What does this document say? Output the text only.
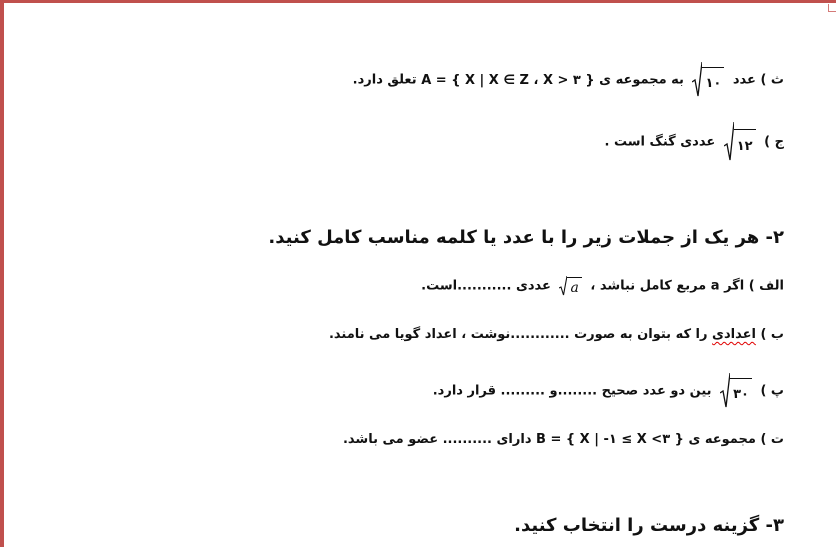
ث ) عدد
۱۰
به مجموعه ی A = { X | X ∈ Z ، X > ۳ } تعلق دارد.
ج )
۱۲
عددی گنگ است .
۲- هر یک از جملات زیر را با عدد یا کلمه مناسب کامل کنید.
الف ) اگر a مربع کامل نباشد ،
a
عددی ...........است.
ب ) اعدادی را که بتوان به صورت ............نوشت ، اعداد گویا می نامند.
پ )
۳۰
بین دو عدد صحیح ........و ......... قرار دارد.
ت ) مجموعه ی B = { X | -۱ ≤ X <۳ } دارای .......... عضو می باشد.
۳- گزینه درست را انتخاب کنید.
